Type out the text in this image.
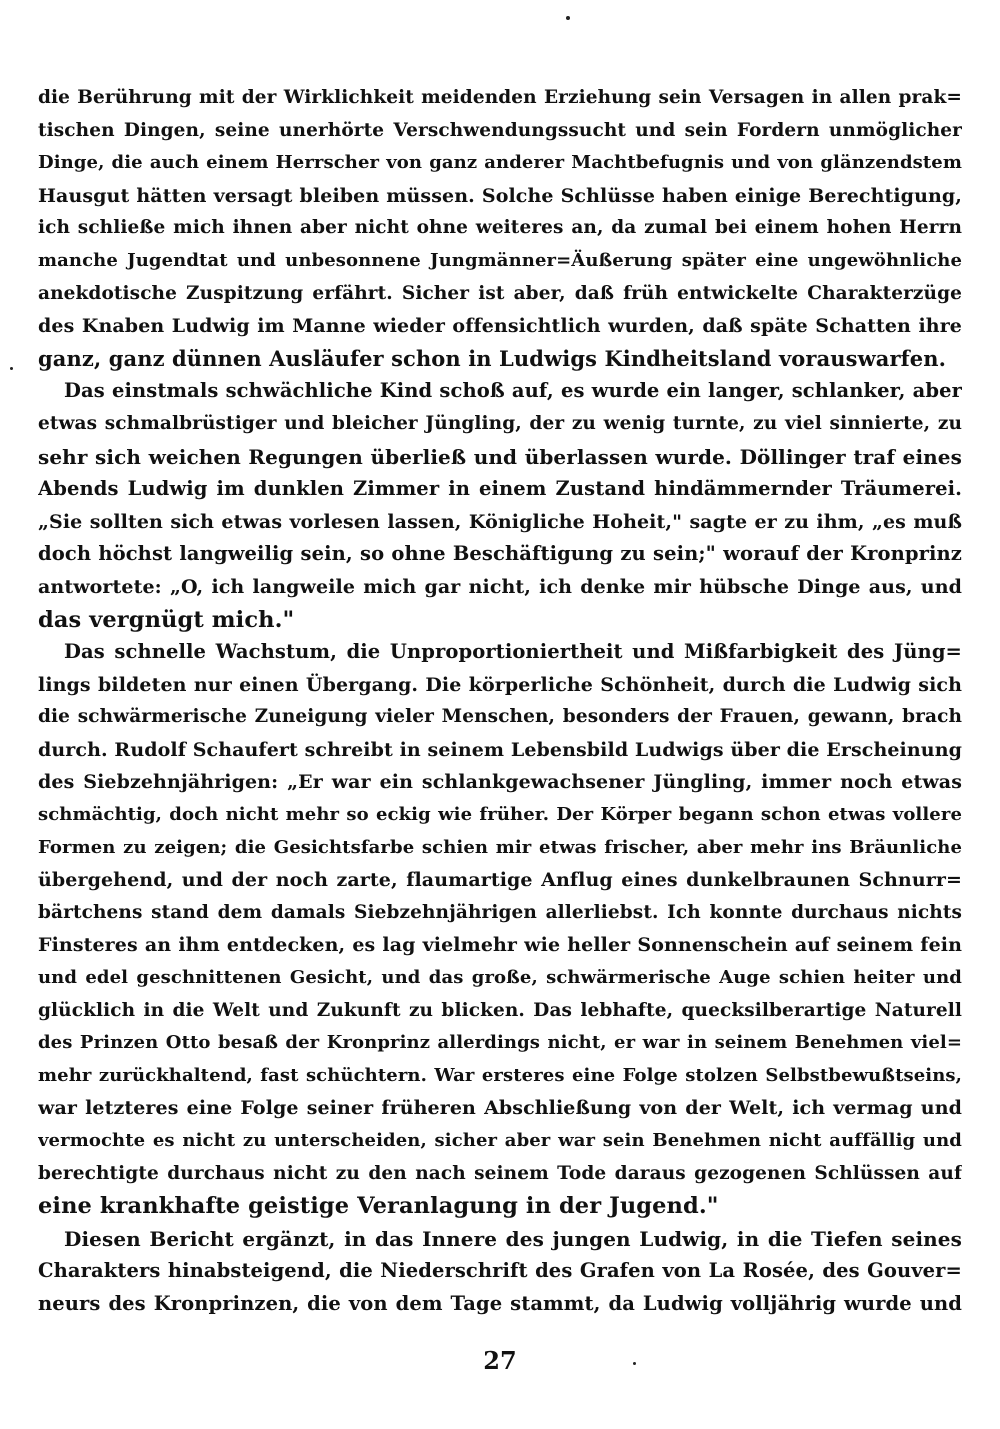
die Berührung mit der Wirklichkeit meidenden Erziehung sein Versagen in allen prak=
tischen Dingen, seine unerhörte Verschwendungssucht und sein Fordern unmöglicher
Dinge, die auch einem Herrscher von ganz anderer Machtbefugnis und von glänzendstem
Hausgut hätten versagt bleiben müssen. Solche Schlüsse haben einige Berechtigung,
ich schließe mich ihnen aber nicht ohne weiteres an, da zumal bei einem hohen Herrn
manche Jugendtat und unbesonnene Jungmänner=Äußerung später eine ungewöhnliche
anekdotische Zuspitzung erfährt. Sicher ist aber, daß früh entwickelte Charakterzüge
des Knaben Ludwig im Manne wieder offensichtlich wurden, daß späte Schatten ihre
ganz, ganz dünnen Ausläufer schon in Ludwigs Kindheitsland vorauswarfen.
Das einstmals schwächliche Kind schoß auf, es wurde ein langer, schlanker, aber
etwas schmalbrüstiger und bleicher Jüngling, der zu wenig turnte, zu viel sinnierte, zu
sehr sich weichen Regungen überließ und überlassen wurde. Döllinger traf eines
Abends Ludwig im dunklen Zimmer in einem Zustand hindämmernder Träumerei.
„Sie sollten sich etwas vorlesen lassen, Königliche Hoheit," sagte er zu ihm, „es muß
doch höchst langweilig sein, so ohne Beschäftigung zu sein;" worauf der Kronprinz
antwortete: „O, ich langweile mich gar nicht, ich denke mir hübsche Dinge aus, und
das vergnügt mich."
Das schnelle Wachstum, die Unproportioniertheit und Mißfarbigkeit des Jüng=
lings bildeten nur einen Übergang. Die körperliche Schönheit, durch die Ludwig sich
die schwärmerische Zuneigung vieler Menschen, besonders der Frauen, gewann, brach
durch. Rudolf Schaufert schreibt in seinem Lebensbild Ludwigs über die Erscheinung
des Siebzehnjährigen: „Er war ein schlankgewachsener Jüngling, immer noch etwas
schmächtig, doch nicht mehr so eckig wie früher. Der Körper begann schon etwas vollere
Formen zu zeigen; die Gesichtsfarbe schien mir etwas frischer, aber mehr ins Bräunliche
übergehend, und der noch zarte, flaumartige Anflug eines dunkelbraunen Schnurr=
bärtchens stand dem damals Siebzehnjährigen allerliebst. Ich konnte durchaus nichts
Finsteres an ihm entdecken, es lag vielmehr wie heller Sonnenschein auf seinem fein
und edel geschnittenen Gesicht, und das große, schwärmerische Auge schien heiter und
glücklich in die Welt und Zukunft zu blicken. Das lebhafte, quecksilberartige Naturell
des Prinzen Otto besaß der Kronprinz allerdings nicht, er war in seinem Benehmen viel=
mehr zurückhaltend, fast schüchtern. War ersteres eine Folge stolzen Selbstbewußtseins,
war letzteres eine Folge seiner früheren Abschließung von der Welt, ich vermag und
vermochte es nicht zu unterscheiden, sicher aber war sein Benehmen nicht auffällig und
berechtigte durchaus nicht zu den nach seinem Tode daraus gezogenen Schlüssen auf
eine krankhafte geistige Veranlagung in der Jugend."
Diesen Bericht ergänzt, in das Innere des jungen Ludwig, in die Tiefen seines
Charakters hinabsteigend, die Niederschrift des Grafen von La Rosée, des Gouver=
neurs des Kronprinzen, die von dem Tage stammt, da Ludwig volljährig wurde und
27
